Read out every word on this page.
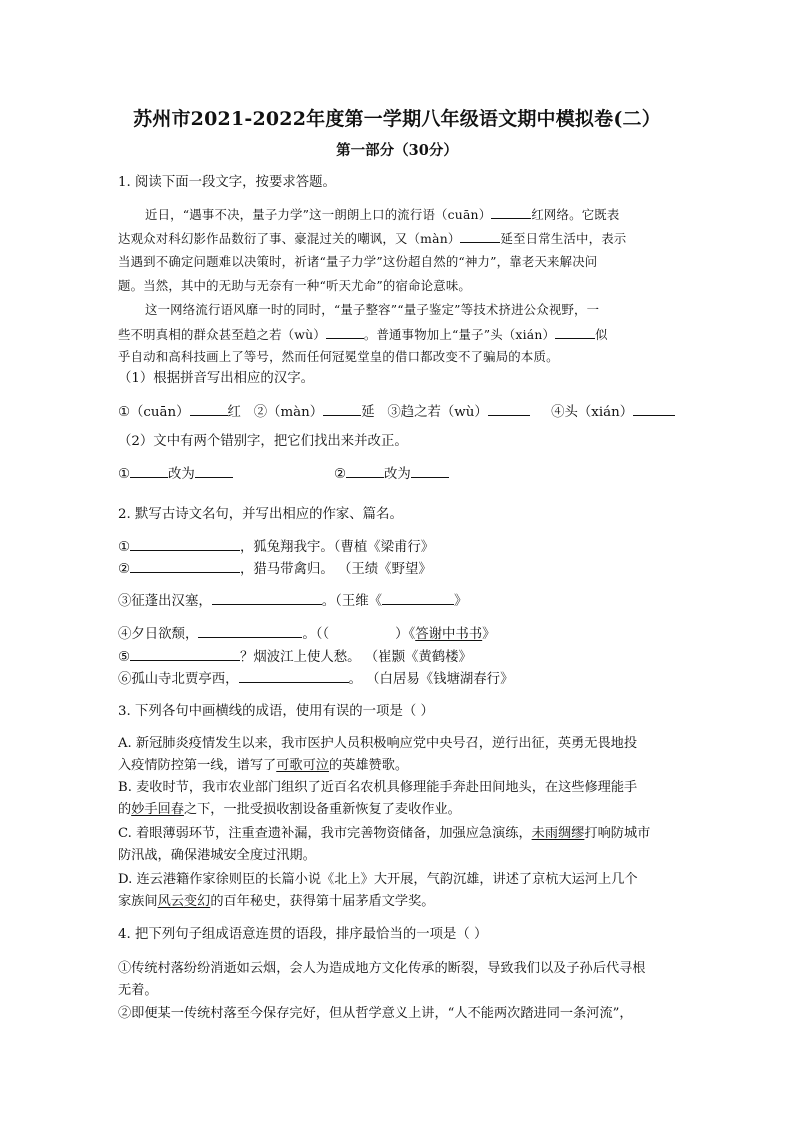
苏州市2021-2022年度第一学期八年级语文期中模拟卷(二）
第一部分（30分）
1. 阅读下面一段文字，按要求答题。
近日，“遇事不决，量子力学”这一朗朗上口的流行语（cuān）	红网络。它既表
达观众对科幻影作品数衍了事、豪混过关的嘲讽，又（màn）	延至日常生活中，表示
当遇到不确定问题难以决策时，祈诸“量子力学”这份超自然的“神力”，靠老天来解决问
题。当然，其中的无助与无奈有一种“听天尤命”的宿命论意味。
这一网络流行语风靡一时的同时，“量子整容”“量子鉴定”等技术挤进公众视野，一
些不明真相的群众甚至趋之若（wù）	。普通事物加上“量子”头（xián）	似
乎自动和高科技画上了等号，然而任何冠冕堂皇的借口都改变不了骗局的本质。
（1）根据拼音写出相应的汉字。
①（cuān）	红 ②（màn）	延 ③趋之若（wù）	④头（xián）
（2）文中有两个错别字，把它们找出来并改正。
①	改为	②	改为
2. 默写古诗文名句，并写出相应的作家、篇名。
①	，狐兔翔我宇。（曹植《梁甫行》
②	，猎马带禽归。 （王绩《野望》
③征蓬出汉塞，	。（王维《	》
④夕日欲颓，	。（（	）《答谢中书书》
⑤	？烟波江上使人愁。 （崔颢《黄鹤楼》
⑥孤山寺北贾亭西，	。 （白居易《钱塘湖春行》
3. 下列各句中画横线的成语，使用有误的一项是（ ）
A. 新冠肺炎疫情发生以来，我市医护人员积极响应党中央号召，逆行出征，英勇无畏地投
入疫情防控第一线，谱写了可歌可泣的英雄赞歌。
B. 麦收时节，我市农业部门组织了近百名农机具修理能手奔赴田间地头，在这些修理能手
的妙手回春之下，一批受损收割设备重新恢复了麦收作业。
C. 着眼薄弱环节，注重查遗补漏，我市完善物资储备，加强应急演练，未雨绸缪打响防城市
防汛战，确保港城安全度过汛期。
D. 连云港籍作家徐则臣的长篇小说《北上》大开展，气韵沉雄，讲述了京杭大运河上几个
家族间风云变幻的百年秘史，获得第十届茅盾文学奖。
4. 把下列句子组成语意连贯的语段，排序最恰当的一项是（ ）
①传统村落纷纷消逝如云烟，会人为造成地方文化传承的断裂，导致我们以及子孙后代寻根
无着。
②即便某一传统村落至今保存完好，但从哲学意义上讲，“人不能两次踏进同一条河流”，
